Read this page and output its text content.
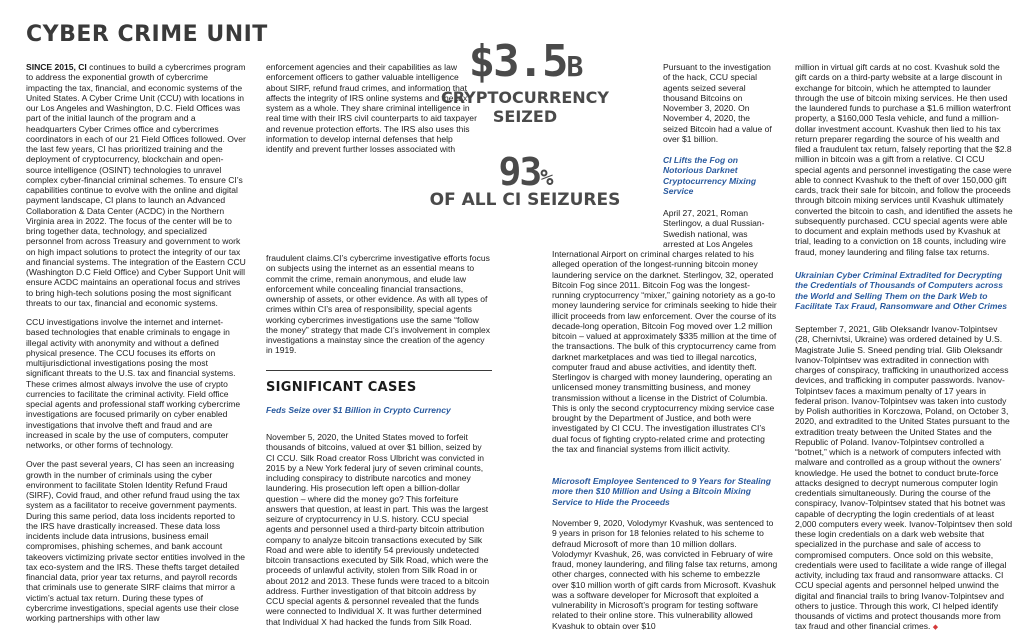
CYBER CRIME UNIT

SINCE 2015, CI continues to build a cybercrimes program to address the exponential growth of cybercrime impacting the tax, financial, and economic systems of the United States. A Cyber Crime Unit (CCU) with locations in our Los Angeles and Washington, D.C. Field Offices was part of the initial launch of the program and a headquarters Cyber Crimes office and cybercrimes coordinators in each of our 21 Field Offices followed. Over the last few years, CI has prioritized training and the deployment of cryptocurrency, blockchain and open-source intelligence (OSINT) technologies to unravel complex cyber-financial criminal schemes. To ensure CI’s capabilities continue to evolve with the online and digital payment landscape, CI plans to launch an Advanced Collaboration & Data Center (ACDC) in the Northern Virginia area in 2022. The focus of the center will be to bring together data, technology, and specialized personnel from across Treasury and government to work on high impact solutions to protect the integrity of our tax and financial systems. The integration of the Eastern CCU (Washington D.C Field Office) and Cyber Support Unit will ensure ACDC maintains an operational focus and strives to bring high-tech solutions posing the most significant threats to our tax, financial and economic systems.

CCU investigations involve the internet and internet-based technologies that enable criminals to engage in illegal activity with anonymity and without a defined physical presence. The CCU focuses its efforts on multijurisdictional investigations posing the most significant threats to the U.S. tax and financial systems. These crimes almost always involve the use of crypto currencies to facilitate the criminal activity. Field office special agents and professional staff working cybercrime investigations are focused primarily on cyber enabled investigations that involve theft and fraud and are increased in scale by the use of computers, computer networks, or other forms of technology.

Over the past several years, CI has seen an increasing growth in the number of criminals using the cyber environment to facilitate Stolen Identity Refund Fraud (SIRF), Covid fraud, and other refund fraud using the tax system as a facilitator to receive government payments. During this same period, data loss incidents reported to the IRS have drastically increased. These data loss incidents include data intrusions, business email compromises, phishing schemes, and bank account takeovers victimizing private sector entities involved in the tax eco-system and the IRS. These thefts target detailed financial data, prior year tax returns, and payroll records that criminals use to generate SIRF claims that mirror a victim’s actual tax return. During these types of cybercrime investigations, special agents use their close working partnerships with other law

enforcement agencies and their capabilities as law enforcement officers to gather valuable intelligence about SIRF, refund fraud crimes, and information that affects the integrity of IRS online systems and the tax system as a whole. They share criminal intelligence in real time with their IRS civil counterparts to aid taxpayer and revenue protection efforts. The IRS also uses this information to develop internal defenses that help identify and prevent further losses associated with

fraudulent claims.CI’s cybercrime investigative efforts focus on subjects using the internet as an essential means to commit the crime, remain anonymous, and elude law enforcement while concealing financial transactions, ownership of assets, or other evidence. As with all types of crimes within CI’s area of responsibility, special agents working cybercrimes investigations use the same “follow the money” strategy that made CI’s involvement in complex investigations a mainstay since the creation of the agency in 1919.

$3.5B
CRYPTOCURRENCY SEIZED
93%
OF ALL CI SEIZURES
SIGNIFICANT CASES
Feds Seize over $1 Billion in Crypto Currency

November 5, 2020, the United States moved to forfeit thousands of bitcoins, valued at over $1 billion, seized by CI CCU. Silk Road creator Ross Ulbricht was convicted in 2015 by a New York federal jury of seven criminal counts, including conspiracy to distribute narcotics and money laundering. His prosecution left open a billion-dollar question – where did the money go? This forfeiture answers that question, at least in part. This was the largest seizure of cryptocurrency in U.S. history. CCU special agents and personnel used a third-party bitcoin attribution company to analyze bitcoin transactions executed by Silk Road and were able to identify 54 previously undetected bitcoin transactions executed by Silk Road, which were the proceeds of unlawful activity, stolen from Silk Road in or about 2012 and 2013. These funds were traced to a bitcoin address. Further investigation of that bitcoin address by CCU special agents & personnel revealed that the funds were connected to Individual X. It was further determined that Individual X had hacked the funds from Silk Road.

Pursuant to the investigation of the hack, CCU special agents seized several thousand Bitcoins on November 3, 2020. On November 4, 2020, the seized Bitcoin had a value of over $1 billion.

CI Lifts the Fog on Notorious Darknet Cryptocurrency Mixing Service

April 27, 2021, Roman Sterlingov, a dual Russian-Swedish national, was arrested at Los Angeles

International Airport on criminal charges related to his alleged operation of the longest-running bitcoin money laundering service on the darknet. Sterlingov, 32, operated Bitcoin Fog since 2011. Bitcoin Fog was the longest-running cryptocurrency “mixer,” gaining notoriety as a go-to money laundering service for criminals seeking to hide their illicit proceeds from law enforcement. Over the course of its decade-long operation, Bitcoin Fog moved over 1.2 million bitcoin – valued at approximately $335 million at the time of the transactions. The bulk of this cryptocurrency came from darknet marketplaces and was tied to illegal narcotics, computer fraud and abuse activities, and identity theft. Sterlingov is charged with money laundering, operating an unlicensed money transmitting business, and money transmission without a license in the District of Columbia. This is only the second cryptocurrency mixing service case brought by the Department of Justice, and both were investigated by CI CCU. The investigation illustrates CI’s dual focus of fighting crypto-related crime and protecting the tax and financial systems from illicit activity.

Microsoft Employee Sentenced to 9 Years for Stealing more then $10 Million and Using a Bitcoin Mixing Service to Hide the Proceeds

November 9, 2020, Volodymyr Kvashuk, was sentenced to 9 years in prison for 18 felonies related to his scheme to defraud Microsoft of more than 10 million dollars. Volodymyr Kvashuk, 26, was convicted in February of wire fraud, money laundering, and filing false tax returns, among other charges, connected with his scheme to embezzle over $10 million worth of gift cards from Microsoft. Kvashuk was a software developer for Microsoft that exploited a vulnerability in Microsoft’s program for testing software related to their online store. This vulnerability allowed Kvashuk to obtain over $10

million in virtual gift cards at no cost. Kvashuk sold the gift cards on a third-party website at a large discount in exchange for bitcoin, which he attempted to launder through the use of bitcoin mixing services. He then used the laundered funds to purchase a $1.6 million waterfront property, a $160,000 Tesla vehicle, and fund a million-dollar investment account. Kvashuk then lied to his tax return preparer regarding the source of his wealth and filed a fraudulent tax return, falsely reporting that the $2.8 million in bitcoin was a gift from a relative. CI CCU special agents and personnel investigating the case were able to connect Kvashuk to the theft of over 150,000 gift cards, track their sale for bitcoin, and follow the proceeds through bitcoin mixing services until Kvashuk ultimately converted the bitcoin to cash, and identified the assets he subsequently purchased. CCU special agents were able to document and explain methods used by Kvashuk at trial, leading to a conviction on 18 counts, including wire fraud, money laundering and filing false tax returns.

Ukrainian Cyber Criminal Extradited for Decrypting the Credentials of Thousands of Computers across the World and Selling Them on the Dark Web to Facilitate Tax Fraud, Ransomware and Other Crimes

September 7, 2021, Glib Oleksandr Ivanov-Tolpintsev (28, Chernivtsi, Ukraine) was ordered detained by U.S. Magistrate Julie S. Sneed pending trial. Glib Oleksandr Ivanov-Tolpintsev was extradited in connection with charges of conspiracy, trafficking in unauthorized access devices, and trafficking in computer passwords. Ivanov-Tolpintsev faces a maximum penalty of 17 years in federal prison. Ivanov-Tolpintsev was taken into custody by Polish authorities in Korczowa, Poland, on October 3, 2020, and extradited to the United States pursuant to the extradition treaty between the United States and the Republic of Poland. Ivanov-Tolpintsev controlled a “botnet,” which is a network of computers infected with malware and controlled as a group without the owners’ knowledge. He used the botnet to conduct brute-force attacks designed to decrypt numerous computer login credentials simultaneously. During the course of the conspiracy, Ivanov-Tolpintsev stated that his botnet was capable of decrypting the login credentials of at least 2,000 computers every week. Ivanov-Tolpintsev then sold these login credentials on a dark web website that specialized in the purchase and sale of access to compromised computers. Once sold on this website, credentials were used to facilitate a wide range of illegal activity, including tax fraud and ransomware attacks. CI CCU special agents and personnel helped unwind the digital and financial trails to bring Ivanov-Tolpintsev and others to justice. Through this work, CI helped identify thousands of victims and protect thousands more from tax fraud and other financial crimes. ◆
